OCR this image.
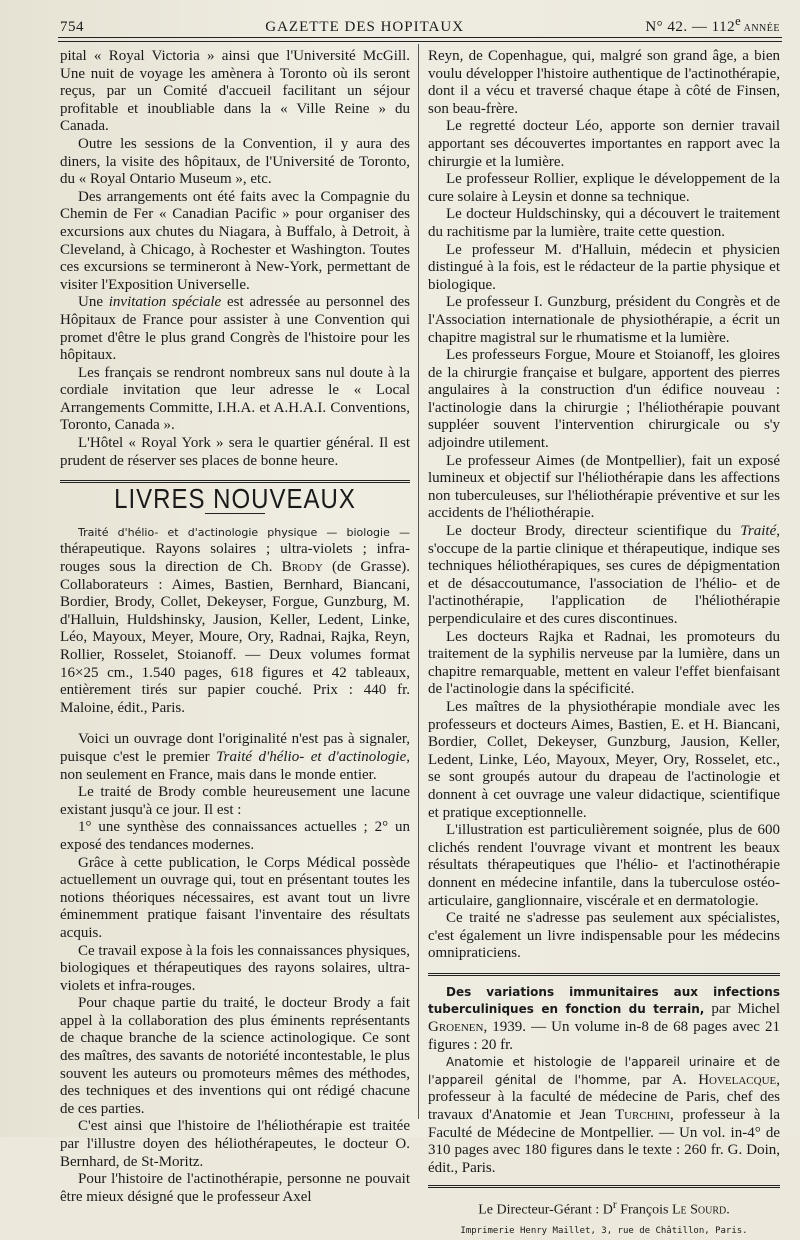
754	GAZETTE DES HOPITAUX	N° 42. — 112e ANNÉE

pital « Royal Victoria » ainsi que l'Université McGill. Une nuit de voyage les amènera à Toronto où ils seront reçus, par un Comité d'accueil facilitant un séjour profitable et inoubliable dans la « Ville Reine » du Canada.

Outre les sessions de la Convention, il y aura des diners, la visite des hôpitaux, de l'Université de Toronto, du « Royal Ontario Museum », etc.

Des arrangements ont été faits avec la Compagnie du Chemin de Fer « Canadian Pacific » pour organiser des excursions aux chutes du Niagara, à Buffalo, à Detroit, à Cleveland, à Chicago, à Rochester et Washington. Toutes ces excursions se termineront à New-York, permettant de visiter l'Exposition Universelle.

Une invitation spéciale est adressée au personnel des Hôpitaux de France pour assister à une Convention qui promet d'être le plus grand Congrès de l'histoire pour les hôpitaux.

Les français se rendront nombreux sans nul doute à la cordiale invitation que leur adresse le « Local Arrangements Committe, I.H.A. et A.H.A.I. Conventions, Toronto, Canada ».

L'Hôtel « Royal York » sera le quartier général. Il est prudent de réserver ses places de bonne heure.

LIVRES NOUVEAUX

Traité d'hélio- et d'actinologie physique — biologie — thérapeutique. Rayons solaires ; ultra-violets ; infra-rouges sous la direction de Ch. Brody (de Grasse). Collaborateurs : Aimes, Bastien, Bernhard, Biancani, Bordier, Brody, Collet, Dekeyser, Forgue, Gunzburg, M. d'Halluin, Huldshinsky, Jausion, Keller, Ledent, Linke, Léo, Mayoux, Meyer, Moure, Ory, Radnai, Rajka, Reyn, Rollier, Rosselet, Stoianoff. — Deux volumes format 16×25 cm., 1.540 pages, 618 figures et 42 tableaux, entièrement tirés sur papier couché. Prix : 440 fr. Maloine, édit., Paris.

Voici un ouvrage dont l'originalité n'est pas à signaler, puisque c'est le premier Traité d'hélio- et d'actinologie, non seulement en France, mais dans le monde entier.

Le traité de Brody comble heureusement une lacune existant jusqu'à ce jour. Il est :

1° une synthèse des connaissances actuelles ; 2° un exposé des tendances modernes.

Grâce à cette publication, le Corps Médical possède actuellement un ouvrage qui, tout en présentant toutes les notions théoriques nécessaires, est avant tout un livre éminemment pratique faisant l'inventaire des résultats acquis.

Ce travail expose à la fois les connaissances physiques, biologiques et thérapeutiques des rayons solaires, ultra-violets et infra-rouges.

Pour chaque partie du traité, le docteur Brody a fait appel à la collaboration des plus éminents représentants de chaque branche de la science actinologique. Ce sont des maîtres, des savants de notoriété incontestable, le plus souvent les auteurs ou promoteurs mêmes des méthodes, des techniques et des inventions qui ont rédigé chacune de ces parties.

C'est ainsi que l'histoire de l'héliothérapie est traitée par l'illustre doyen des héliothérapeutes, le docteur O. Bernhard, de St-Moritz.

Pour l'histoire de l'actinothérapie, personne ne pouvait être mieux désigné que le professeur Axel

Reyn, de Copenhague, qui, malgré son grand âge, a bien voulu développer l'histoire authentique de l'actinothérapie, dont il a vécu et traversé chaque étape à côté de Finsen, son beau-frère.

Le regretté docteur Léo, apporte son dernier travail apportant ses découvertes importantes en rapport avec la chirurgie et la lumière.

Le professeur Rollier, explique le développement de la cure solaire à Leysin et donne sa technique.

Le docteur Huldschinsky, qui a découvert le traitement du rachitisme par la lumière, traite cette question.

Le professeur M. d'Halluin, médecin et physicien distingué à la fois, est le rédacteur de la partie physique et biologique.

Le professeur I. Gunzburg, président du Congrès et de l'Association internationale de physiothérapie, a écrit un chapitre magistral sur le rhumatisme et la lumière.

Les professeurs Forgue, Moure et Stoianoff, les gloires de la chirurgie française et bulgare, apportent des pierres angulaires à la construction d'un édifice nouveau : l'actinologie dans la chirurgie ; l'héliothérapie pouvant suppléer souvent l'intervention chirurgicale ou s'y adjoindre utilement.

Le professeur Aimes (de Montpellier), fait un exposé lumineux et objectif sur l'héliothérapie dans les affections non tuberculeuses, sur l'héliothérapie préventive et sur les accidents de l'héliothérapie.

Le docteur Brody, directeur scientifique du Traité, s'occupe de la partie clinique et thérapeutique, indique ses techniques héliothérapiques, ses cures de dépigmentation et de désaccoutumance, l'association de l'hélio- et de l'actinothérapie, l'application de l'héliothérapie perpendiculaire et des cures discontinues.

Les docteurs Rajka et Radnai, les promoteurs du traitement de la syphilis nerveuse par la lumière, dans un chapitre remarquable, mettent en valeur l'effet bienfaisant de l'actinologie dans la spécificité.

Les maîtres de la physiothérapie mondiale avec les professeurs et docteurs Aimes, Bastien, E. et H. Biancani, Bordier, Collet, Dekeyser, Gunzburg, Jausion, Keller, Ledent, Linke, Léo, Mayoux, Meyer, Ory, Rosselet, etc., se sont groupés autour du drapeau de l'actinologie et donnent à cet ouvrage une valeur didactique, scientifique et pratique exceptionnelle.

L'illustration est particulièrement soignée, plus de 600 clichés rendent l'ouvrage vivant et montrent les beaux résultats thérapeutiques que l'hélio- et l'actinothérapie donnent en médecine infantile, dans la tuberculose ostéo-articulaire, ganglionnaire, viscérale et en dermatologie.

Ce traité ne s'adresse pas seulement aux spécialistes, c'est également un livre indispensable pour les médecins omnipraticiens.

Des variations immunitaires aux infections tuberculiniques en fonction du terrain, par Michel Groenen, 1939. — Un volume in-8 de 68 pages avec 21 figures : 20 fr.

Anatomie et histologie de l'appareil urinaire et de l'appareil génital de l'homme, par A. Hovelacque, professeur à la faculté de médecine de Paris, chef des travaux d'Anatomie et Jean Turchini, professeur à la Faculté de Médecine de Montpellier. — Un vol. in-4° de 310 pages avec 180 figures dans le texte : 260 fr. G. Doin, édit., Paris.

Le Directeur-Gérant : $D^r$ François Le Sourd.
Imprimerie Henry Maillet, 3, rue de Châtillon, Paris.
